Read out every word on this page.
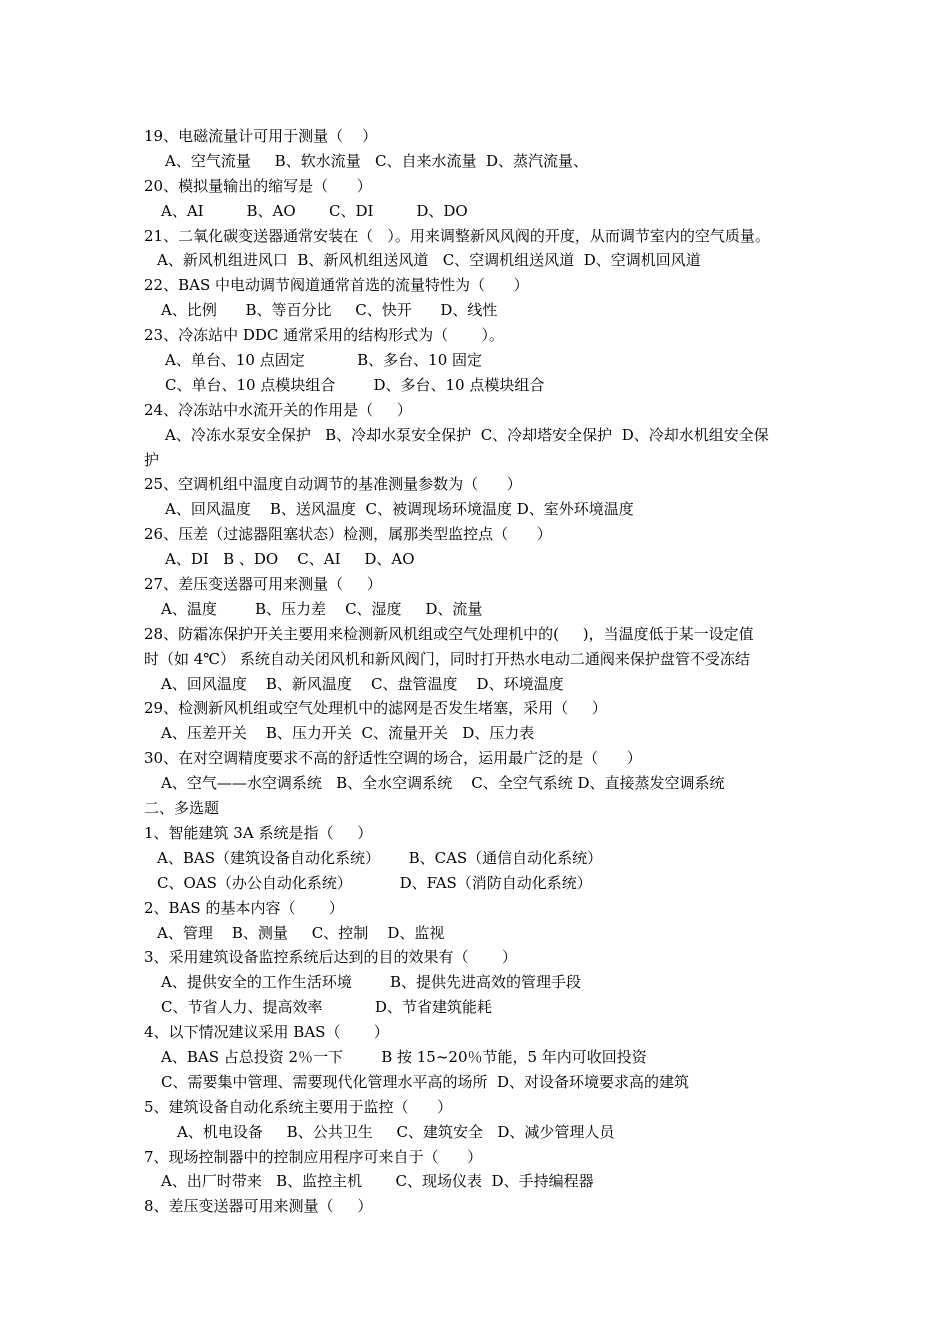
19、电磁流量计可用于测量（    ）
A、空气流量     B、软水流量   C、自来水流量  D、蒸汽流量、
20、模拟量输出的缩写是（      ）
A、AI         B、AO       C、DI         D、DO
21、二氧化碳变送器通常安装在（   ）。用来调整新风风阀的开度，从而调节室内的空气质量。
A、新风机组进风口  B、新风机组送风道   C、空调机组送风道  D、空调机回风道
22、BAS 中电动调节阀道通常首选的流量特性为（      ）
A、比例      B、等百分比     C、快开      D、线性
23、冷冻站中 DDC 通常采用的结构形式为（       ）。
A、单台、10 点固定           B、多台、10 固定
C、单台、10 点模块组合        D、多台、10 点模块组合
24、冷冻站中水流开关的作用是（     ）
A、冷冻水泵安全保护   B、冷却水泵安全保护  C、冷却塔安全保护  D、冷却水机组安全保
护
25、空调机组中温度自动调节的基准测量参数为（      ）
A、回风温度    B、送风温度  C、被调现场环境温度 D、室外环境温度
26、压差（过滤器阻塞状态）检测，属那类型监控点（      ）
A、DI   B 、DO    C、AI     D、AO
27、差压变送器可用来测量（     ）
A、温度        B、压力差    C、湿度     D、流量
28、防霜冻保护开关主要用来检测新风机组或空气处理机中的(     )，当温度低于某一设定值
时（如 4℃） 系统自动关闭风机和新风阀门，同时打开热水电动二通阀来保护盘管不受冻结
A、回风温度    B、新风温度    C、盘管温度    D、环境温度
29、检测新风机组或空气处理机中的滤网是否发生堵塞，采用（     ）
A、压差开关    B、压力开关  C、流量开关   D、压力表
30、在对空调精度要求不高的舒适性空调的场合，运用最广泛的是（      ）
A、空气——水空调系统   B、全水空调系统    C、全空气系统 D、直接蒸发空调系统
二、多选题
1、智能建筑 3A 系统是指（     ）
A、BAS（建筑设备自动化系统）      B、CAS（通信自动化系统）
C、OAS（办公自动化系统）          D、FAS（消防自动化系统）
2、BAS 的基本内容（       ）
A、管理    B、测量     C、控制    D、监视
3、采用建筑设备监控系统后达到的目的效果有（       ）
A、提供安全的工作生活环境        B、提供先进高效的管理手段
C、节省人力、提高效率           D、节省建筑能耗
4、以下情况建议采用 BAS（       ）
A、BAS 占总投资 2％一下        B 按 15~20％节能，5 年内可收回投资
C、需要集中管理、需要现代化管理水平高的场所  D、对设备环境要求高的建筑
5、建筑设备自动化系统主要用于监控（      ）
A、机电设备     B、公共卫生     C、建筑安全   D、减少管理人员
7、现场控制器中的控制应用程序可来自于（      ）
A、出厂时带来   B、监控主机       C、现场仪表  D、手持编程器
8、差压变送器可用来测量（     ）
